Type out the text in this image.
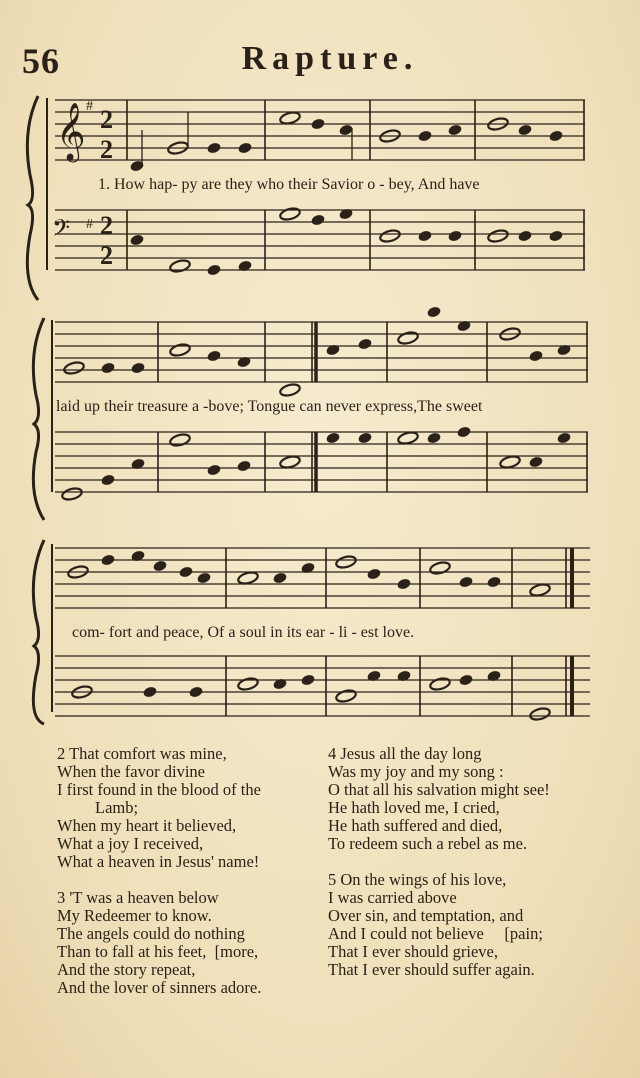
56	Rapture.
𝄞 # 2
2
1. How hap- py are they who their Savior o - bey, And have
𝄢 # 2
2
laid up their treasure a -bove; Tongue can never express,The sweet
com- fort and peace, Of a soul in its ear - li - est love.
2 That comfort was mine,
When the favor divine
I first found in the blood of the
Lamb;
When my heart it believed,
What a joy I received,
What a heaven in Jesus' name!
3 'T was a heaven below
My Redeemer to know.
The angels could do nothing
Than to fall at his feet, [more,
And the story repeat,
And the lover of sinners adore.
4 Jesus all the day long
Was my joy and my song :
O that all his salvation might see!
He hath loved me, I cried,
He hath suffered and died,
To redeem such a rebel as me.
5 On the wings of his love,
I was carried above
Over sin, and temptation, and
And I could not believe [pain;
That I ever should grieve,
That I ever should suffer again.
